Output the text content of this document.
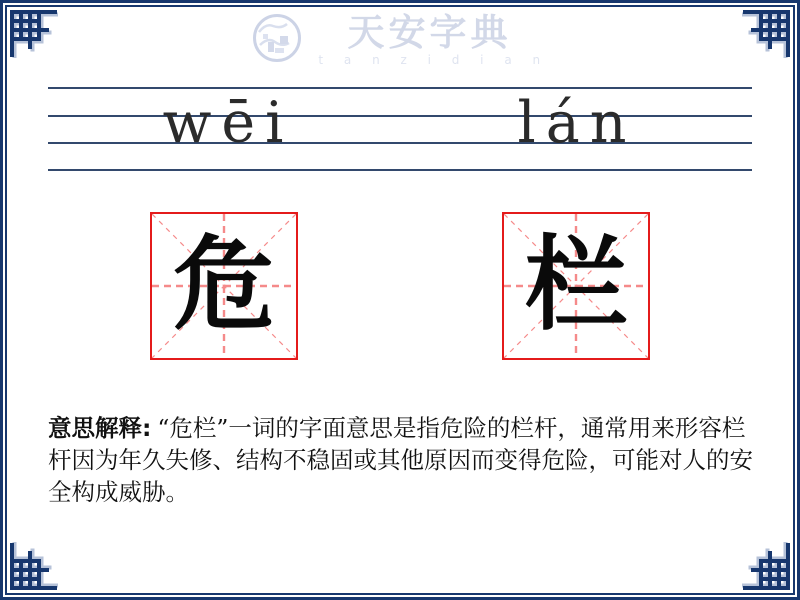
天安字典
t a n z i d i a n
wēi	lán
危 栏

意思解释: “危栏”一词的字面意思是指危险的栏杆，通常用来形容栏杆因为年久失修、结构不稳固或其他原因而变得危险，可能对人的安全构成威胁。
